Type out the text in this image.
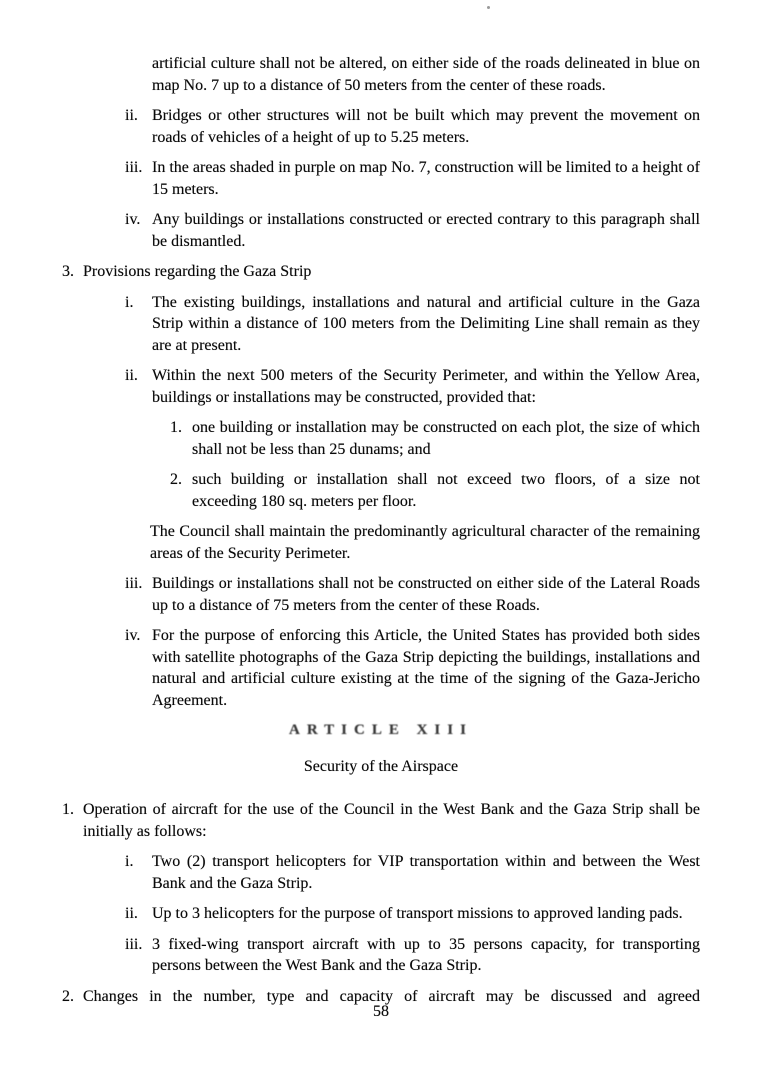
artificial culture shall not be altered, on either side of the roads delineated in blue on map No. 7 up to a distance of 50 meters from the center of these roads.

ii. Bridges or other structures will not be built which may prevent the movement on roads of vehicles of a height of up to 5.25 meters.
iii. In the areas shaded in purple on map No. 7, construction will be limited to a height of 15 meters.
iv. Any buildings or installations constructed or erected contrary to this paragraph shall be dismantled.
3. Provisions regarding the Gaza Strip
i.	The existing buildings, installations and natural and artificial culture in the Gaza Strip within a distance of 100 meters from the Delimiting Line shall remain as they are at present.
ii. Within the next 500 meters of the Security Perimeter, and within the Yellow Area, buildings or installations may be constructed, provided that:
1. one building or installation may be constructed on each plot, the size of which shall not be less than 25 dunams; and
2. such building or installation shall not exceed two floors, of a size not exceeding 180 sq. meters per floor.

The Council shall maintain the predominantly agricultural character of the remaining areas of the Security Perimeter.

iii. Buildings or installations shall not be constructed on either side of the Lateral Roads up to a distance of 75 meters from the center of these Roads.
iv. For the purpose of enforcing this Article, the United States has provided both sides with satellite photographs of the Gaza Strip depicting the buildings, installations and natural and artificial culture existing at the time of the signing of the Gaza-Jericho Agreement.
ARTICLE XIII
Security of the Airspace
1. Operation of aircraft for the use of the Council in the West Bank and the Gaza Strip shall be initially as follows:
i.	Two (2) transport helicopters for VIP transportation within and between the West Bank and the Gaza Strip.
ii. Up to 3 helicopters for the purpose of transport missions to approved landing pads.
iii. 3 fixed-wing transport aircraft with up to 35 persons capacity, for transporting persons between the West Bank and the Gaza Strip.
2. Changes in the number, type and capacity of aircraft may be discussed and agreed
58
